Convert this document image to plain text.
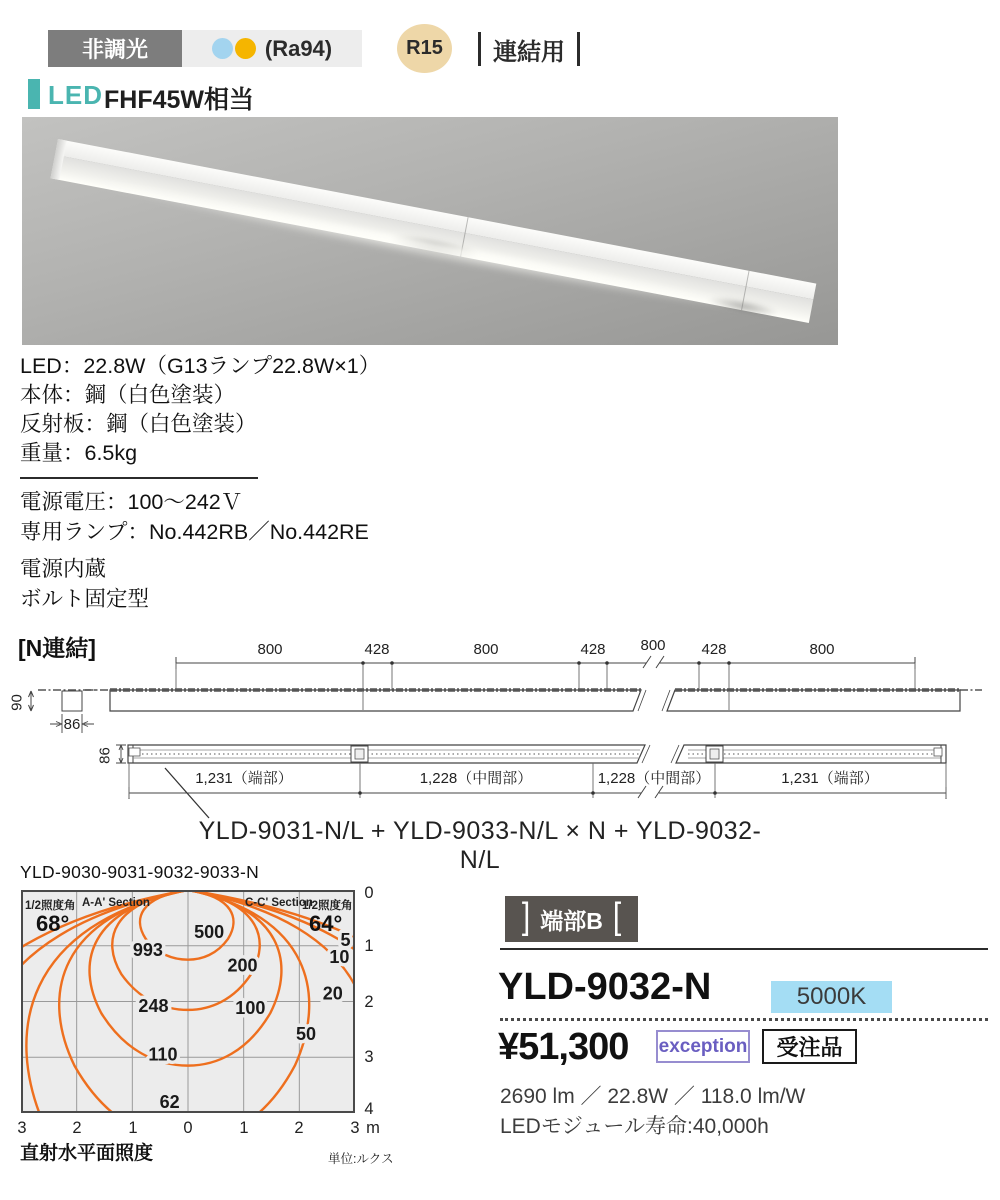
非調光	(Ra94)	R15 連結用
LED FHF45W相当
LED：22.8W（G13ランプ22.8W×1）
本体：鋼（白色塗装）
反射板：鋼（白色塗装）
重量：6.5kg
電源電圧：100〜242Ｖ
専用ランプ：No.442RB／No.442RE
電源内蔵
ボルト固定型
[N連結]	800	428	800	428	800	428	800
90
86
86
1,231（端部）	1,228（中間部）	1,228（中間部）	1,231（端部）
YLD-9031-N/L + YLD-9033-N/L × N + YLD-9032-N/L
YLD-9030-9031-9032-9033-N
500
200
100
50
20
10
5
993
248
110
62
1/2照度角 A-A' Section	C-C' Section
1/2照度角
68°	64°
3	2	1	0	1	2	3 m
0
1
2
3
4
直射水平面照度	単位:ルクス
] 端部B [
YLD-9032-N	5000K
¥51,300 exception	受注品
2690 lm ／ 22.8W ／ 118.0 lm/W
LEDモジュール寿命:40,000h
